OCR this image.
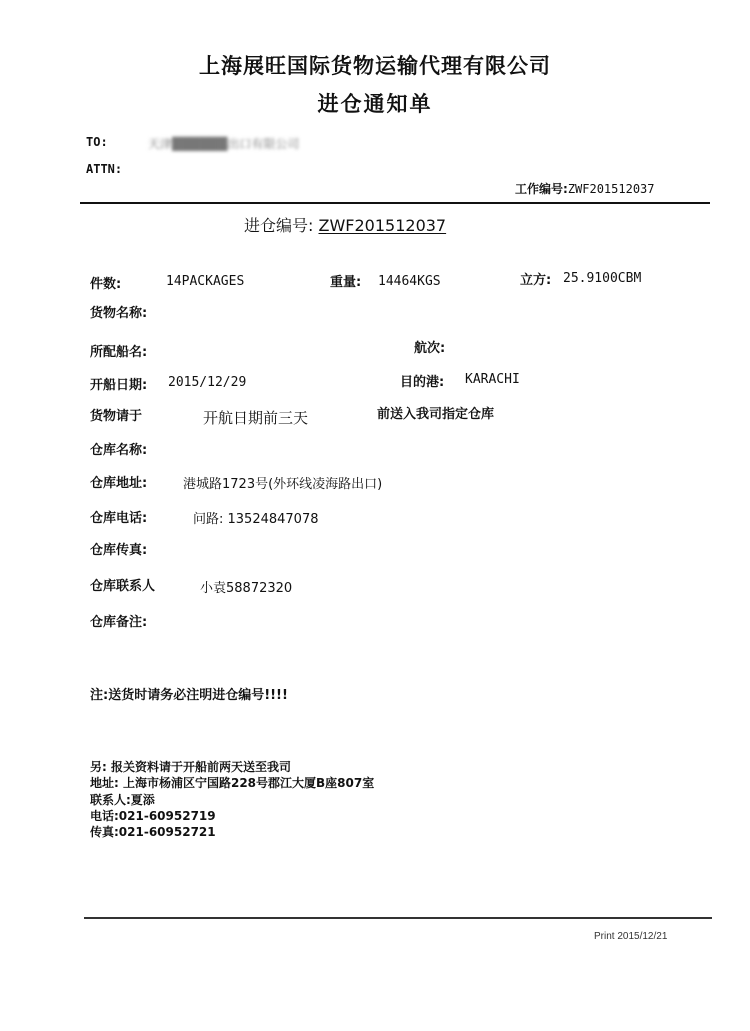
上海展旺国际货物运输代理有限公司
进仓通知单
TO:	天津██████出口有限公司
ATTN:
工作编号:ZWF201512037
进仓编号: ZWF201512037
件数:	14PACKAGES	重量: 14464KGS	立方: 25.9100CBM
货物名称:
所配船名:	航次:
开船日期: 2015/12/29	目的港: KARACHI
货物请于	开航日期前三天	前送入我司指定仓库
仓库名称:
仓库地址:	港城路1723号(外环线凌海路出口)
仓库电话:	问路: 13524847078
仓库传真:
仓库联系人	小袁58872320
仓库备注:
注:送货时请务必注明进仓编号!!!!
另: 报关资料请于开船前两天送至我司
地址: 上海市杨浦区宁国路228号郡江大厦B座807室
联系人:夏添
电话:021-60952719
传真:021-60952721
Print 2015/12/21
